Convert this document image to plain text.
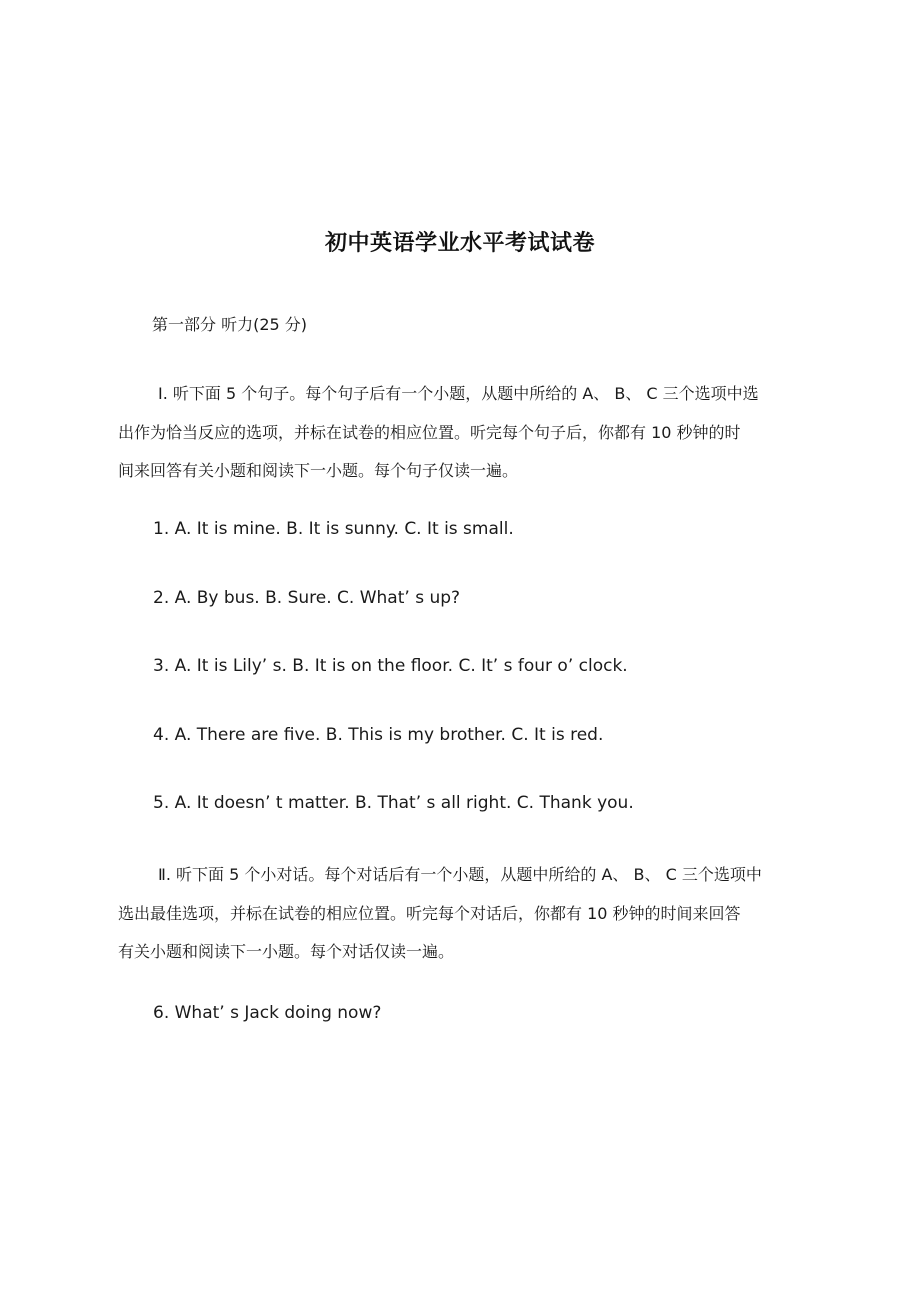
初中英语学业水平考试试卷
第一部分 听力(25 分)
Ⅰ. 听下面 5 个句子。每个句子后有一个小题，从题中所给的 A、 B、 C 三个选项中选
出作为恰当反应的选项，并标在试卷的相应位置。听完每个句子后，你都有 10 秒钟的时
间来回答有关小题和阅读下一小题。每个句子仅读一遍。
1. A. It is mine. B. It is sunny. C. It is small.
2. A. By bus. B. Sure. C. What’ s up?
3. A. It is Lily’ s. B. It is on the floor. C. It’ s four o’ clock.
4. A. There are five. B. This is my brother. C. It is red.
5. A. It doesn’ t matter. B. That’ s all right. C. Thank you.
Ⅱ. 听下面 5 个小对话。每个对话后有一个小题，从题中所给的 A、 B、 C 三个选项中
选出最佳选项，并标在试卷的相应位置。听完每个对话后，你都有 10 秒钟的时间来回答
有关小题和阅读下一小题。每个对话仅读一遍。
6. What’ s Jack doing now?
